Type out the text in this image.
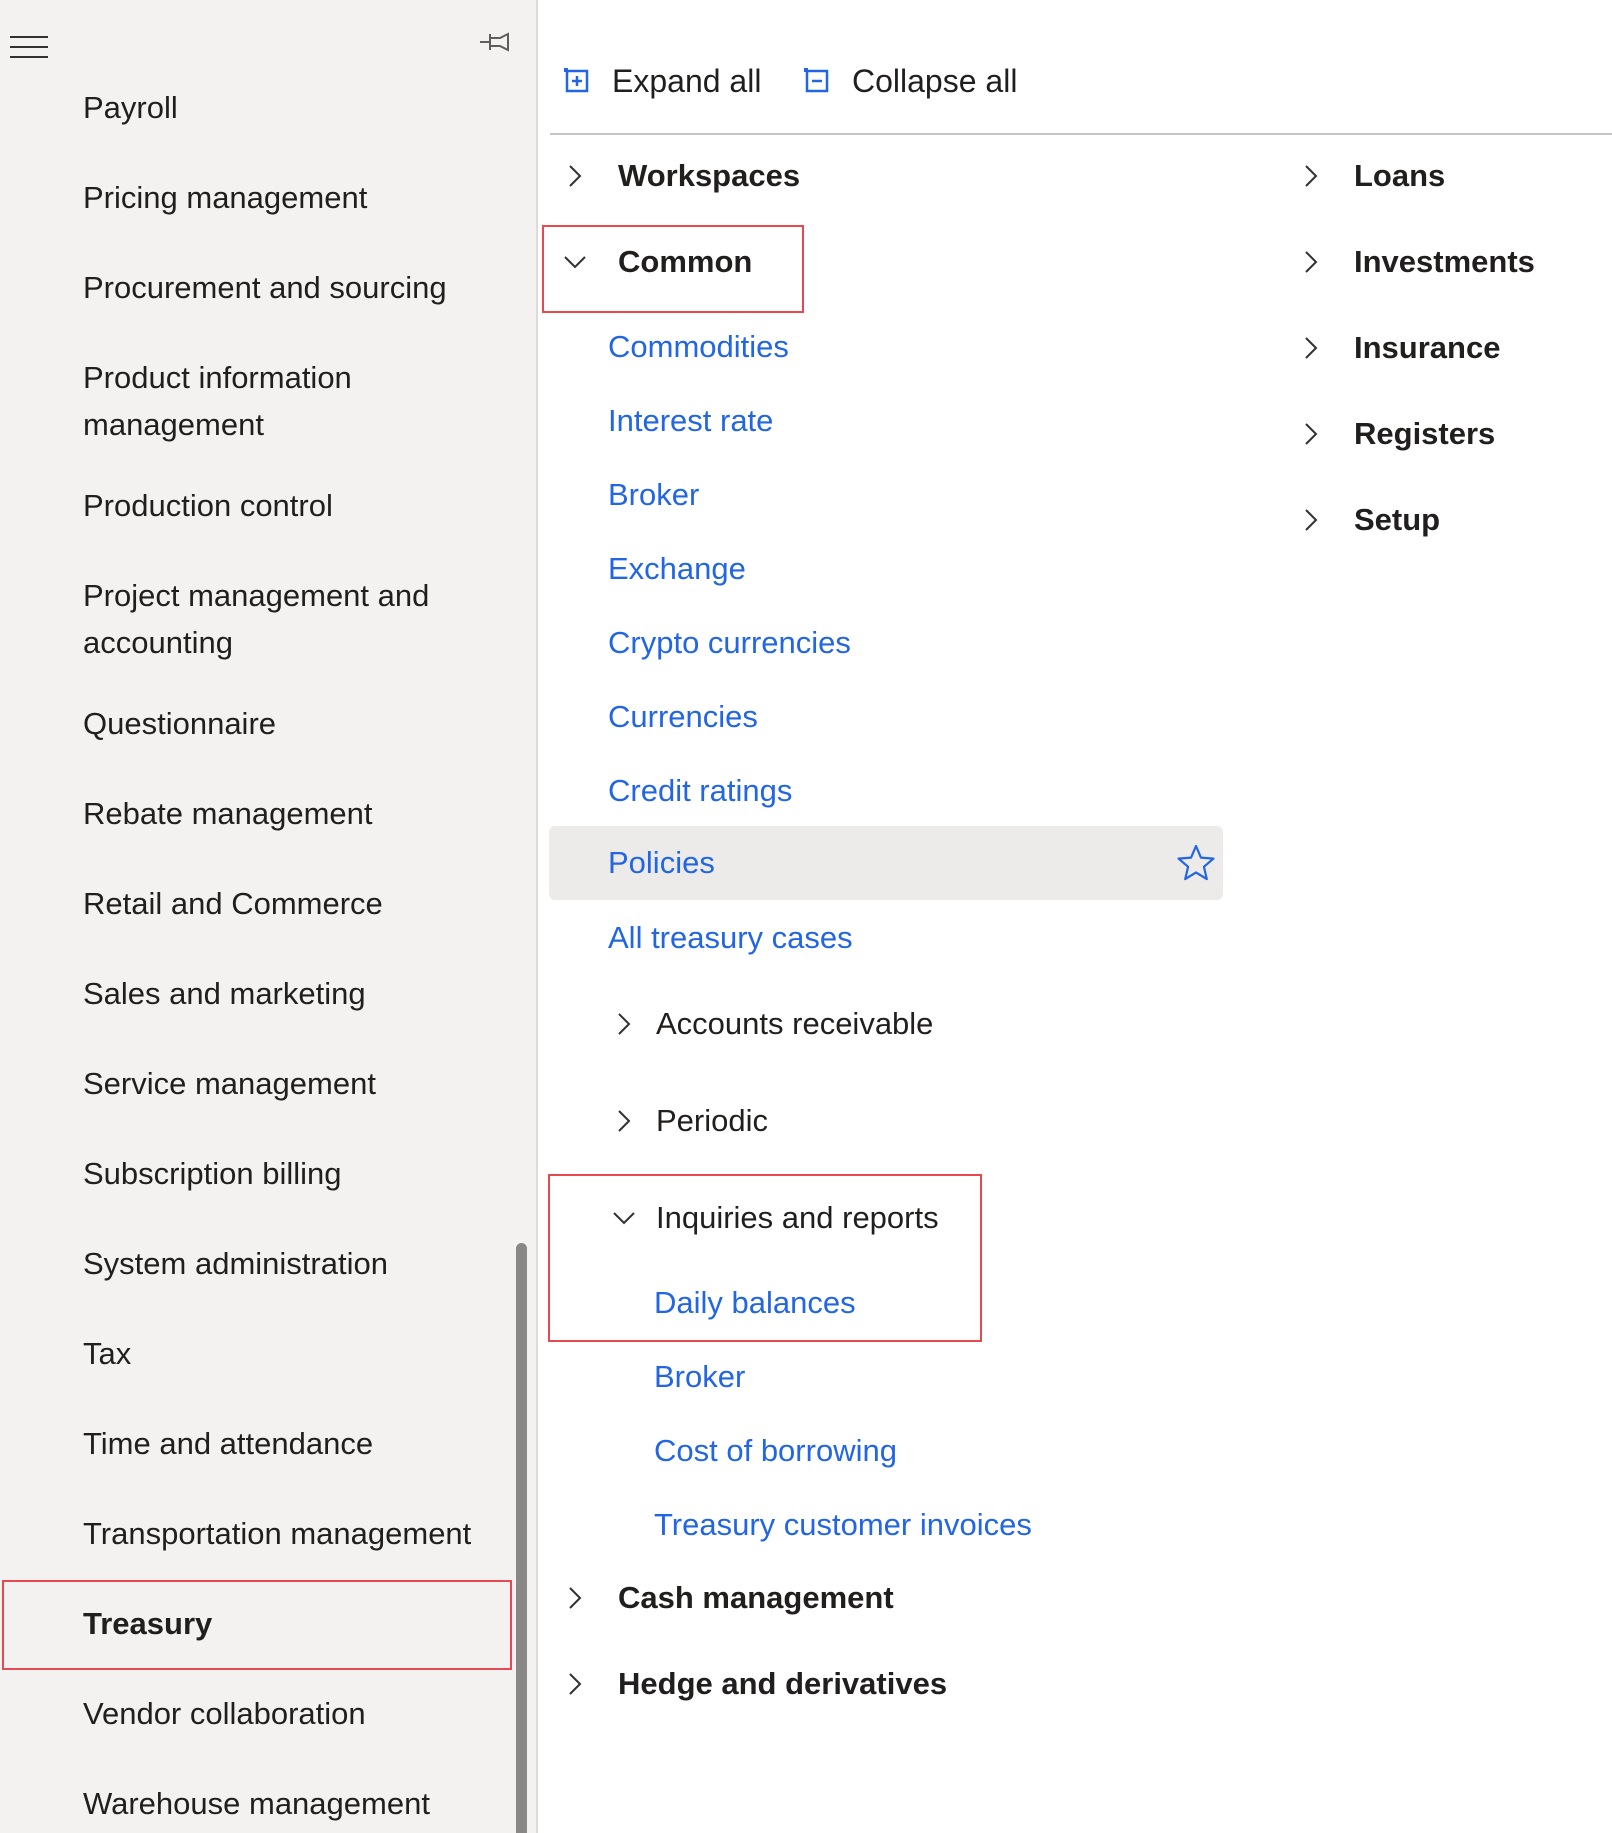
Payroll
Pricing management
Procurement and sourcing
Product information management
Production control
Project management and accounting
Questionnaire
Rebate management
Retail and Commerce
Sales and marketing
Service management
Subscription billing
System administration
Tax
Time and attendance
Transportation management
Treasury
Vendor collaboration
Warehouse management
Expand all	Collapse all
Workspaces
Common
Commodities
Interest rate
Broker
Exchange
Crypto currencies
Currencies
Credit ratings
Policies
All treasury cases
Accounts receivable
Periodic
Inquiries and reports
Daily balances
Broker
Cost of borrowing
Treasury customer invoices
Cash management
Hedge and derivatives
Loans
Investments
Insurance
Registers
Setup
